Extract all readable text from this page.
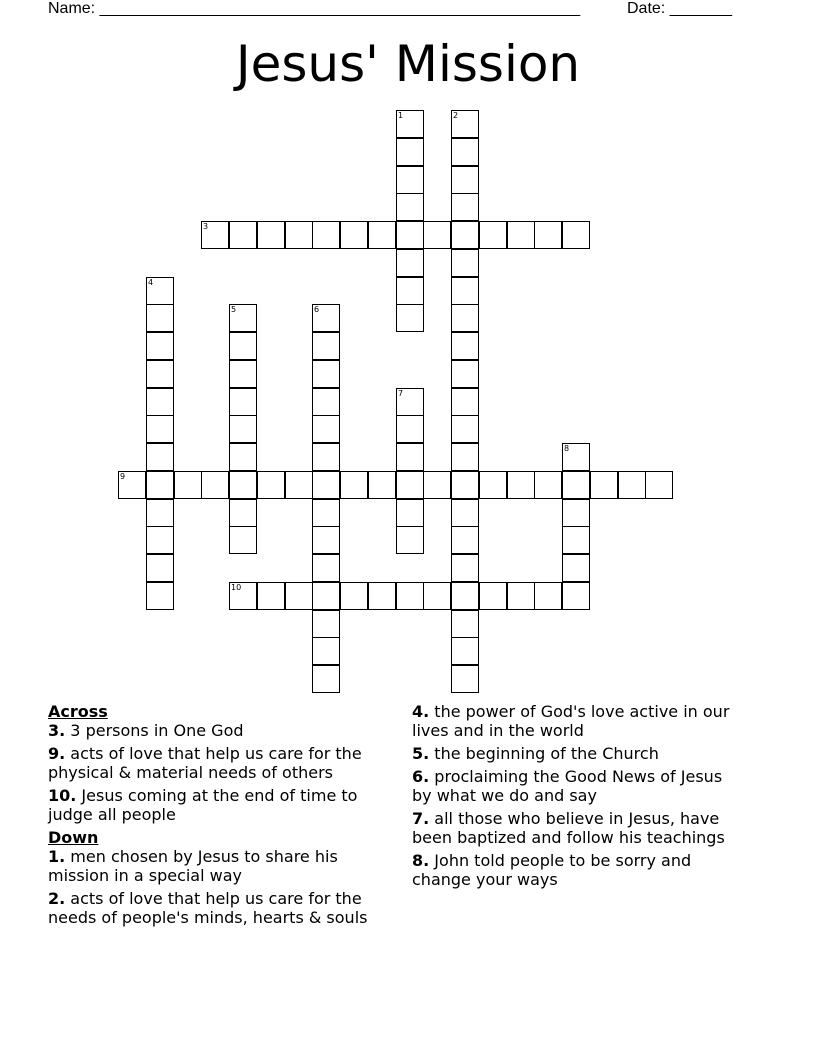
Name: ______________________________________________________	Date: _______
Jesus' Mission
1	2
3
4
5	6
7
8
9
10
Across
3. 3 persons in One God
9. acts of love that help us care for the physical & material needs of others
10. Jesus coming at the end of time to judge all people
Down
1. men chosen by Jesus to share his mission in a special way
2. acts of love that help us care for the needs of people's minds, hearts & souls
4. the power of God's love active in our lives and in the world
5. the beginning of the Church
6. proclaiming the Good News of Jesus by what we do and say
7. all those who believe in Jesus, have been baptized and follow his teachings
8. John told people to be sorry and change your ways
